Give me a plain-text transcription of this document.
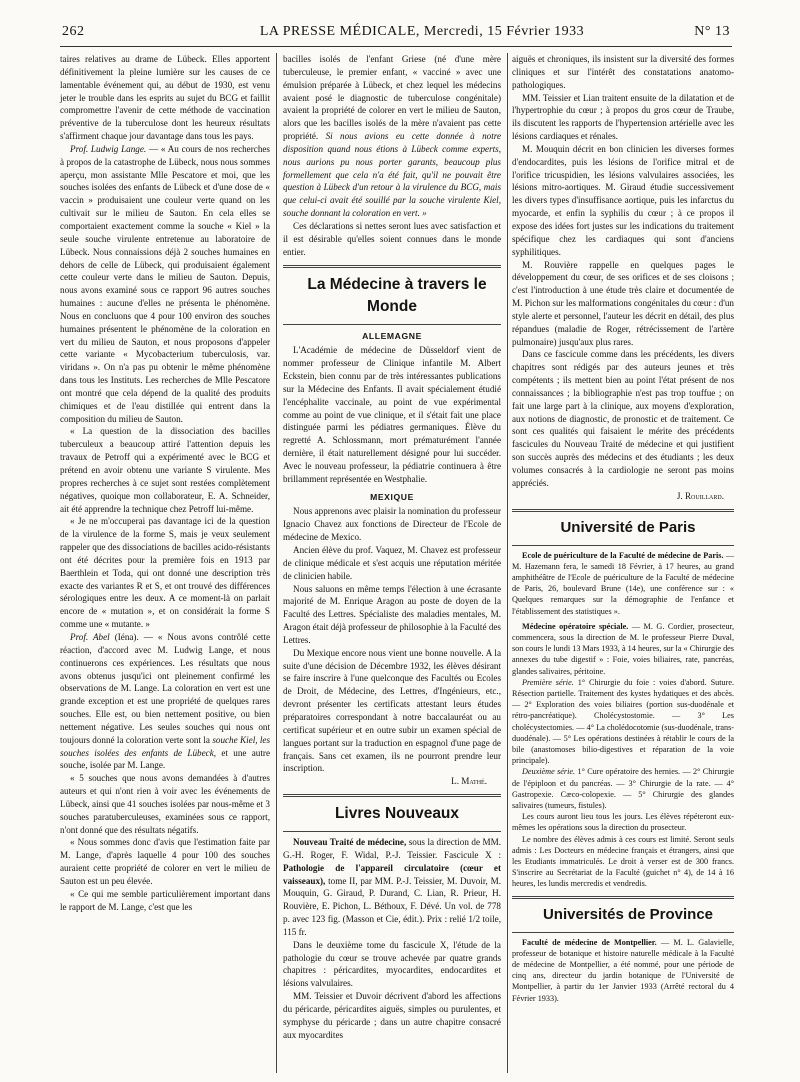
262	LA PRESSE MÉDICALE, Mercredi, 15 Février 1933	N° 13

taires relatives au drame de Lübeck. Elles apportent définitivement la pleine lumière sur les causes de ce lamentable événement qui, au début de 1930, est venu jeter le trouble dans les esprits au sujet du BCG et faillit compromettre l'avenir de cette méthode de vaccination préventive de la tuberculose dont les heureux résultats s'affirment chaque jour davantage dans tous les pays.

Prof. Ludwig Lange. — « Au cours de nos recherches à propos de la catastrophe de Lübeck, nous nous sommes aperçu, mon assistante Mlle Pescatore et moi, que les souches isolées des enfants de Lübeck et d'une dose de « vaccin » produisaient une couleur verte quand on les cultivait sur le milieu de Sauton. En cela elles se comportaient exactement comme la souche « Kiel » la seule souche virulente entretenue au laboratoire de Lübeck. Nous connaissions déjà 2 souches humaines en dehors de celle de Lübeck, qui produisaient également cette couleur verte dans le milieu de Sauton. Depuis, nous avons examiné sous ce rapport 96 autres souches humaines : aucune d'elles ne présenta le phénomène. Nous en concluons que 4 pour 100 environ des souches humaines présentent le phénomène de la coloration en vert du milieu de Sauton, et nous proposons d'appeler cette variante « Mycobacterium tuberculosis, var. viridans ». On n'a pas pu obtenir le même phénomène dans tous les Instituts. Les recherches de Mlle Pescatore ont montré que cela dépend de la qualité des produits chimiques et de l'eau distillée qui entrent dans la composition du milieu de Sauton.

« La question de la dissociation des bacilles tuberculeux a beaucoup attiré l'attention depuis les travaux de Petroff qui a expérimenté avec le BCG et prétend en avoir obtenu une variante S virulente. Mes propres recherches à ce sujet sont restées complètement négatives, quoique mon collaborateur, E. A. Schneider, ait été apprendre la technique chez Petroff lui-même.

« Je ne m'occuperai pas davantage ici de la question de la virulence de la forme S, mais je veux seulement rappeler que des dissociations de bacilles acido-résistants ont été décrites pour la première fois en 1913 par Baerthlein et Toda, qui ont donné une description très exacte des variantes R et S, et ont trouvé des différences sérologiques entre les deux. A ce moment-là on parlait encore de « mutation », et on considérait la forme S comme une « mutante. »

Prof. Abel (Iéna). — « Nous avons contrôlé cette réaction, d'accord avec M. Ludwig Lange, et nous continuerons ces expériences. Les résultats que nous avons obtenus jusqu'ici ont pleinement confirmé les observations de M. Lange. La coloration en vert est une grande exception et est une propriété de quelques rares souches. Elle est, ou bien nettement positive, ou bien nettement négative. Les seules souches qui nous ont toujours donné la coloration verte sont la souche Kiel, les souches isolées des enfants de Lübeck, et une autre souche, isolée par M. Lange.

« 5 souches que nous avons demandées à d'autres auteurs et qui n'ont rien à voir avec les événements de Lübeck, ainsi que 41 souches isolées par nous-même et 3 souches paratuberculeuses, examinées sous ce rapport, n'ont donné que des résultats négatifs.

« Nous sommes donc d'avis que l'estimation faite par M. Lange, d'après laquelle 4 pour 100 des souches auraient cette propriété de colorer en vert le milieu de Sauton est un peu élevée.

« Ce qui me semble particulièrement important dans le rapport de M. Lange, c'est que les

bacilles isolés de l'enfant Griese (né d'une mère tuberculeuse, le premier enfant, « vacciné » avec une émulsion préparée à Lübeck, et chez lequel les médecins avaient posé le diagnostic de tuberculose congénitale) avaient la propriété de colorer en vert le milieu de Sauton, alors que les bacilles isolés de la mère n'avaient pas cette propriété. Si nous avions eu cette donnée à notre disposition quand nous étions à Lübeck comme experts, nous aurions pu nous porter garants, beaucoup plus formellement que cela n'a été fait, qu'il ne pouvait être question à Lübeck d'un retour à la virulence du BCG, mais que celui-ci avait été souillé par la souche virulente Kiel, souche donnant la coloration en vert. »

Ces déclarations si nettes seront lues avec satisfaction et il est désirable qu'elles soient connues dans le monde entier.

La Médecine à travers le Monde

ALLEMAGNE

L'Académie de médecine de Düsseldorf vient de nommer professeur de Clinique infantile M. Albert Eckstein, bien connu par de très intéressantes publications sur la Médecine des Enfants. Il avait spécialement étudié l'encéphalite vaccinale, au point de vue expérimental comme au point de vue clinique, et il s'était fait une place distinguée parmi les pédiatres germaniques. Élève du regretté A. Schlossmann, mort prématurément l'année dernière, il était naturellement désigné pour lui succéder. Avec le nouveau professeur, la pédiatrie continuera à être brillamment représentée en Westphalie.

MEXIQUE

Nous apprenons avec plaisir la nomination du professeur Ignacio Chavez aux fonctions de Directeur de l'Ecole de médecine de Mexico.

Ancien élève du prof. Vaquez, M. Chavez est professeur de clinique médicale et s'est acquis une réputation méritée de clinicien habile.

Nous saluons en même temps l'élection à une écrasante majorité de M. Enrique Aragon au poste de doyen de la Faculté des Lettres. Spécialiste des maladies mentales, M. Aragon était déjà professeur de philosophie à la Faculté des Lettres.

Du Mexique encore nous vient une bonne nouvelle. A la suite d'une décision de Décembre 1932, les élèves désirant se faire inscrire à l'une quelconque des Facultés ou Ecoles de Droit, de Médecine, des Lettres, d'Ingénieurs, etc., devront présenter les certificats attestant leurs études préparatoires correspondant à notre baccalauréat ou au certificat supérieur et en outre subir un examen spécial de langues portant sur la traduction en espagnol d'une page de français. Sans cet examen, ils ne pourront prendre leur inscription.

L. Mathé.

Livres Nouveaux

Nouveau Traité de médecine, sous la direction de MM. G.-H. Roger, F. Widal, P.-J. Teissier. Fascicule X : Pathologie de l'appareil circulatoire (cœur et vaisseaux), tome II, par MM. P.-J. Teissier, M. Duvoir, M. Mouquin, G. Giraud, P. Durand, C. Lian, R. Prieur, H. Rouvière, E. Pichon, L. Béthoux, F. Dévé. Un vol. de 778 p. avec 123 fig. (Masson et Cie, édit.). Prix : relié 1/2 toile, 115 fr.

Dans le deuxième tome du fascicule X, l'étude de la pathologie du cœur se trouve achevée par quatre grands chapitres : péricardites, myocardites, endocardites et lésions valvulaires.

MM. Teissier et Duvoir décrivent d'abord les affections du péricarde, péricardites aiguës, simples ou purulentes, et symphyse du péricarde ; dans un autre chapitre consacré aux myocardites

aiguës et chroniques, ils insistent sur la diversité des formes cliniques et sur l'intérêt des constatations anatomo-pathologiques.

MM. Teissier et Lian traitent ensuite de la dilatation et de l'hypertrophie du cœur ; à propos du gros cœur de Traube, ils discutent les rapports de l'hypertension artérielle avec les lésions cardiaques et rénales.

M. Mouquin décrit en bon clinicien les diverses formes d'endocardites, puis les lésions de l'orifice mitral et de l'orifice tricuspidien, les lésions valvulaires associées, les lésions mitro-aortiques. M. Giraud étudie successivement les divers types d'insuffisance aortique, puis les infarctus du myocarde, et enfin la syphilis du cœur ; à ce propos il expose des idées fort justes sur les indications du traitement spécifique chez les cardiaques qui sont d'anciens syphilitiques.

M. Rouvière rappelle en quelques pages le développement du cœur, de ses orifices et de ses cloisons ; c'est l'introduction à une étude très claire et documentée de M. Pichon sur les malformations congénitales du cœur : d'un style alerte et personnel, l'auteur les décrit en détail, des plus répandues (maladie de Roger, rétrécissement de l'artère pulmonaire) jusqu'aux plus rares.

Dans ce fascicule comme dans les précédents, les divers chapitres sont rédigés par des auteurs jeunes et très compétents ; ils mettent bien au point l'état présent de nos connaissances ; la bibliographie n'est pas trop touffue ; on fait une large part à la clinique, aux moyens d'exploration, aux notions de diagnostic, de pronostic et de traitement. Ce sont ces qualités qui faisaient le mérite des précédents fascicules du Nouveau Traité de médecine et qui justifient son succès auprès des médecins et des étudiants ; les deux volumes consacrés à la cardiologie ne seront pas moins appréciés.

J. Rouillard.

Université de Paris

Ecole de puériculture de la Faculté de médecine de Paris. — M. Hazemann fera, le samedi 18 Février, à 17 heures, au grand amphithéâtre de l'Ecole de puériculture de la Faculté de médecine de Paris, 26, boulevard Brune (14e), une conférence sur : « Quelques remarques sur la démographie de l'enfance et l'établissement des statistiques ».

Médecine opératoire spéciale. — M. G. Cordier, prosecteur, commencera, sous la direction de M. le professeur Pierre Duval, son cours le lundi 13 Mars 1933, à 14 heures, sur la « Chirurgie des annexes du tube digestif » : Foie, voies biliaires, rate, pancréas, glandes salivaires, péritoine.

Première série. 1° Chirurgie du foie : voies d'abord. Suture. Résection partielle. Traitement des kystes hydatiques et des abcès. — 2° Exploration des voies biliaires (portion sus-duodénale et rétro-pancréatique). Cholécystostomie. — 3° Les cholécystectomies. — 4° La cholédocotomie (sus-duodénale, trans-duodénale). — 5° Les opérations destinées à rétablir le cours de la bile (anastomoses bilio-digestives et réparation de la voie principale).

Deuxième série. 1° Cure opératoire des hernies. — 2° Chirurgie de l'épiploon et du pancréas. — 3° Chirurgie de la rate. — 4° Gastropexie. Cæco-colopexie. — 5° Chirurgie des glandes salivaires (tumeurs, fistules).

Les cours auront lieu tous les jours. Les élèves répéteront eux-mêmes les opérations sous la direction du prosecteur.

Le nombre des élèves admis à ces cours est limité. Seront seuls admis : Les Docteurs en médecine français et étrangers, ainsi que les Etudiants immatriculés. Le droit à verser est de 300 francs. S'inscrire au Secrétariat de la Faculté (guichet n° 4), de 14 à 16 heures, les lundis mercredis et vendredis.

Universités de Province

Faculté de médecine de Montpellier. — M. L. Galavielle, professeur de botanique et histoire naturelle médicale à la Faculté de médecine de Montpellier, a été nommé, pour une période de cinq ans, directeur du jardin botanique de l'Université de Montpellier, à partir du 1er Janvier 1933 (Arrêté rectoral du 4 Février 1933).
